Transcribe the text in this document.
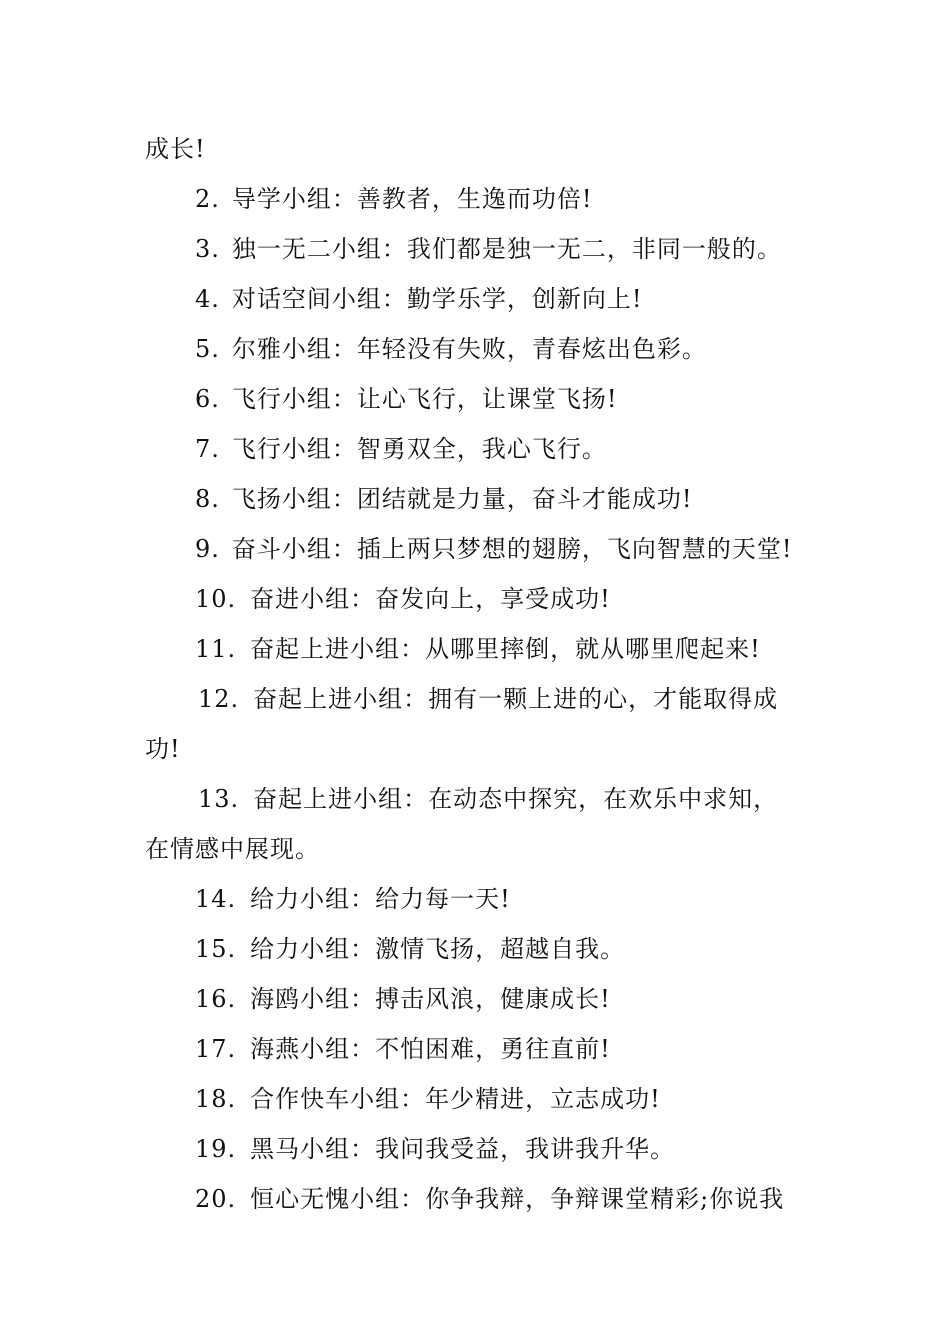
成长!
2. 导学小组：善教者，生逸而功倍!
3. 独一无二小组：我们都是独一无二，非同一般的。
4. 对话空间小组：勤学乐学，创新向上!
5. 尔雅小组：年轻没有失败，青春炫出色彩。
6. 飞行小组：让心飞行，让课堂飞扬!
7. 飞行小组：智勇双全，我心飞行。
8. 飞扬小组：团结就是力量，奋斗才能成功!
9. 奋斗小组：插上两只梦想的翅膀，飞向智慧的天堂!
10. 奋进小组：奋发向上，享受成功!
11. 奋起上进小组：从哪里摔倒，就从哪里爬起来!
12. 奋起上进小组：拥有一颗上进的心，才能取得成
功!
13. 奋起上进小组：在动态中探究，在欢乐中求知，
在情感中展现。
14. 给力小组：给力每一天!
15. 给力小组：激情飞扬，超越自我。
16. 海鸥小组：搏击风浪，健康成长!
17. 海燕小组：不怕困难，勇往直前!
18. 合作快车小组：年少精进，立志成功!
19. 黑马小组：我问我受益，我讲我升华。
20. 恒心无愧小组：你争我辩，争辩课堂精彩;你说我
